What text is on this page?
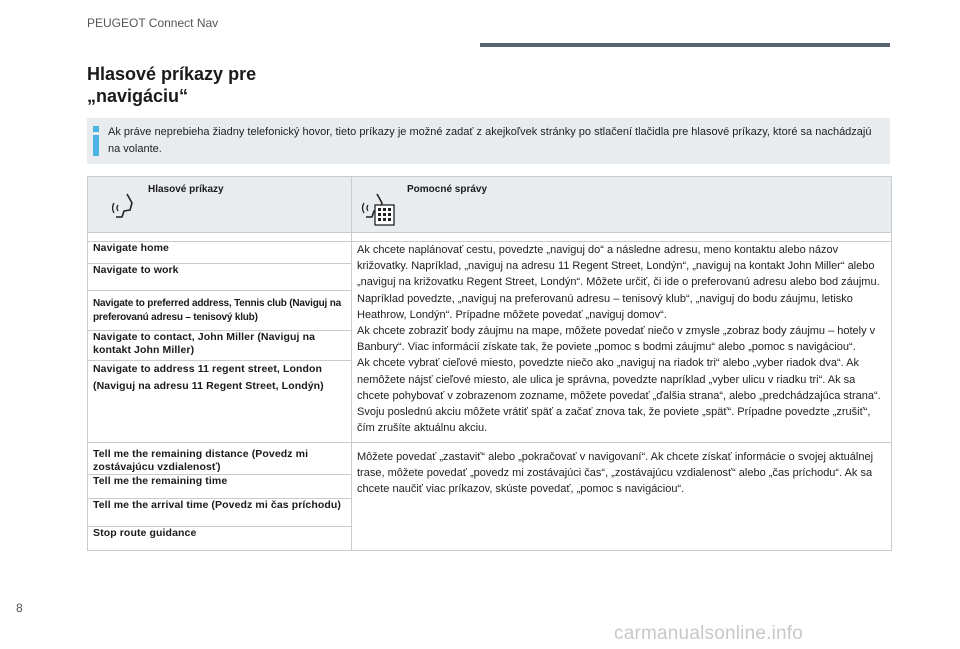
PEUGEOT Connect Nav
Hlasové príkazy pre
„navigáciu“
Ak práve neprebieha žiadny telefonický hovor, tieto príkazy je možné zadať z akejkoľvek stránky po stlačení tlačidla pre hlasové príkazy, ktoré sa nachádzajú na volante.
Hlasové príkazy	Pomocné správy

Navigate home	Ak chcete naplánovať cestu, povedzte „naviguj do“ a následne adresu, meno kontaktu alebo názov križovatky. Napríklad, „naviguj na adresu 11 Regent Street, Londýn“, „naviguj na kontakt John Miller“ alebo „naviguj na križovatku Regent Street, Londýn“. Môžete určiť, či ide o preferovanú adresu alebo bod záujmu. Napríklad povedzte, „naviguj na preferovanú adresu – tenisový klub“, „naviguj do bodu záujmu, letisko Heathrow, Londýn“. Prípadne môžete povedať „naviguj domov“.
Ak chcete zobraziť body záujmu na mape, môžete povedať niečo v zmysle „zobraz body záujmu – hotely v Banbury“. Viac informácií získate tak, že poviete „pomoc s bodmi záujmu“ alebo „pomoc s navigáciou“.
Ak chcete vybrať cieľové miesto, povedzte niečo ako „naviguj na riadok tri“ alebo „vyber riadok dva“. Ak nemôžete nájsť cieľové miesto, ale ulica je správna, povedzte napríklad „vyber ulicu v riadku tri“. Ak sa chcete pohybovať v zobrazenom zozname, môžete povedať „ďalšia strana“, alebo „predchádzajúca strana“. Svoju poslednú akciu môžete vrátiť späť a začať znova tak, že poviete „späť“. Prípadne povedzte „zrušiť“, čím zrušíte aktuálnu akciu.

Navigate to work	
Navigate to preferred address, Tennis club (Naviguj na preferovanú adresu – tenisový klub)	
Navigate to contact, John Miller (Naviguj na kontakt John Miller)	
Navigate to address 11 regent street, London (Naviguj na adresu 11 Regent Street, Londýn)	
Tell me the remaining distance (Povedz mi zostávajúcu vzdialenosť)	Môžete povedať „zastaviť“ alebo „pokračovať v navigovaní“. Ak chcete získať informácie o svojej aktuálnej trase, môžete povedať „povedz mi zostávajúci čas“, „zostávajúcu vzdialenosť“ alebo „čas príchodu“. Ak sa chcete naučiť viac príkazov, skúste povedať, „pomoc s navigáciou“.
Tell me the remaining time	
Tell me the arrival time (Povedz mi čas príchodu)	
Stop route guidance	
8
carmanualsonline.info
